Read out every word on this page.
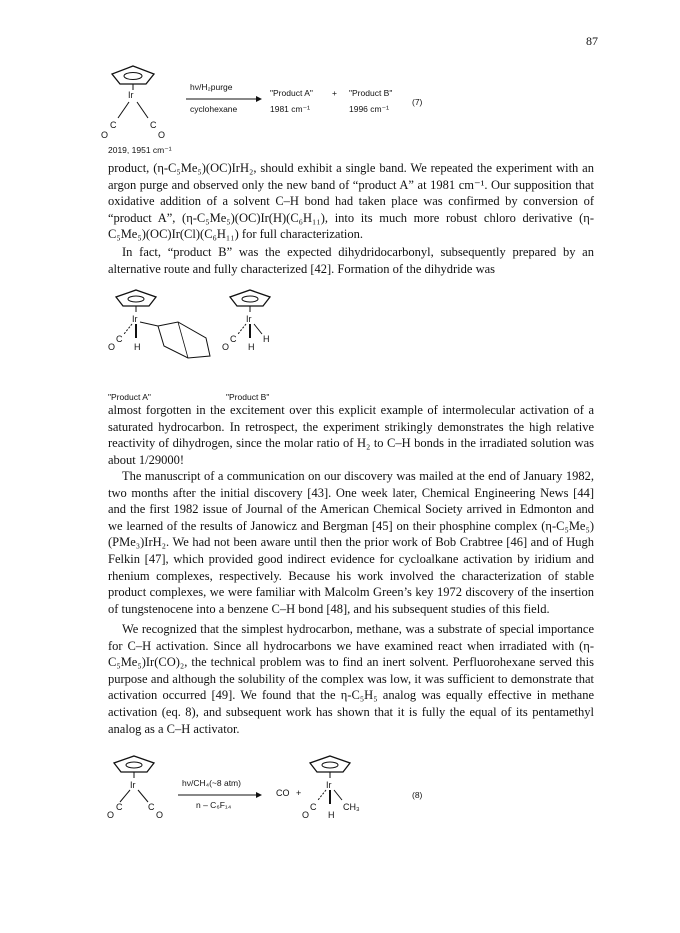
87
Ir
C
O
C
O
hν/H₂purge
cyclohexane
"Product A" + "Product B"
(7)
1981 cm⁻¹	1996 cm⁻¹
2019, 1951 cm⁻¹

product, (η-C₅Me₅)(OC)IrH₂, should exhibit a single band. We repeated the experiment with an argon purge and observed only the new band of “product A” at 1981 cm⁻¹. Our supposition that oxidative addition of a solvent C–H bond had taken place was confirmed by conversion of “product A”, (η-C₅Me₅)(OC)Ir(H)(C₆H₁₁), into its much more robust chloro derivative (η-C₅Me₅)(OC)Ir(Cl)(C₆H₁₁) for full characterization.

In fact, “product B” was the expected dihydridocarbonyl, subsequently prepared by an alternative route and fully characterized [42]. Formation of the dihydride was

Ir
C
O H
Ir
C
O H
H
"Product A"	"Product B"

almost forgotten in the excitement over this explicit example of intermolecular activation of a saturated hydrocarbon. In retrospect, the experiment strikingly demonstrates the high relative reactivity of dihydrogen, since the molar ratio of H₂ to C–H bonds in the irradiated solution was about 1/29000!

The manuscript of a communication on our discovery was mailed at the end of January 1982, two months after the initial discovery [43]. One week later, Chemical Engineering News [44] and the first 1982 issue of Journal of the American Chemical Society arrived in Edmonton and we learned of the results of Janowicz and Bergman [45] on their phosphine complex (η-C₅Me₅)(PMe₃)IrH₂. We had not been aware until then the prior work of Bob Crabtree [46] and of Hugh Felkin [47], which provided good indirect evidence for cycloalkane activation by iridium and rhenium complexes, respectively. Because his work involved the characterization of stable product complexes, we were familiar with Malcolm Green’s key 1972 discovery of the insertion of tungstenocene into a benzene C–H bond [48], and his subsequent studies of this field.

We recognized that the simplest hydrocarbon, methane, was a substrate of special importance for C–H activation. Since all hydrocarbons we have examined react when irradiated with (η-C₅Me₅)Ir(CO)₂, the technical problem was to find an inert solvent. Perfluorohexane served this purpose and although the solubility of the complex was low, it was sufficient to demonstrate that activation occurred [49]. We found that the η-C₅H₅ analog was equally effective in methane activation (eq. 8), and subsequent work has shown that it is fully the equal of its pentamethyl analog as a C–H activator.

Ir
C
O
C
O
hν/CH₄(~8 atm)
n – C₆F₁₄
CO +
Ir
C
O H
CH₃
(8)
